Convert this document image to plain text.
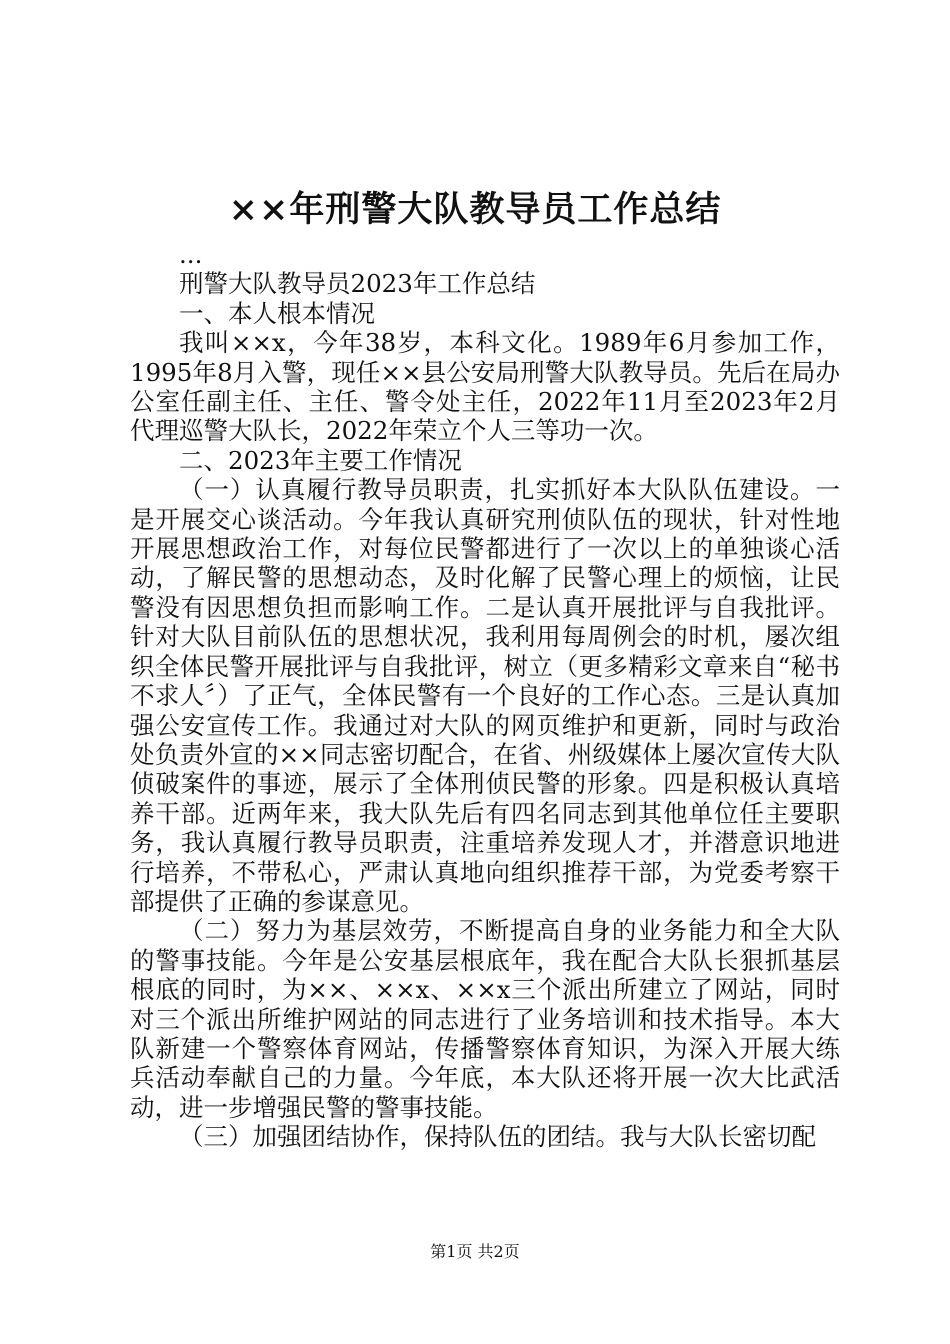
××年刑警大队教导员工作总结

...

刑警大队教导员2023年工作总结

一、本人根本情况

我叫××x，今年38岁，本科文化。1989年6月参加工作，1995年8月入警，现任××县公安局刑警大队教导员。先后在局办公室任副主任、主任、警令处主任，2022年11月至2023年2月代理巡警大队长，2022年荣立个人三等功一次。

二、2023年主要工作情况

（一）认真履行教导员职责，扎实抓好本大队队伍建设。一是开展交心谈活动。今年我认真研究刑侦队伍的现状，针对性地开展思想政治工作，对每位民警都进行了一次以上的单独谈心活动，了解民警的思想动态，及时化解了民警心理上的烦恼，让民警没有因思想负担而影响工作。二是认真开展批评与自我批评。针对大队目前队伍的思想状况，我利用每周例会的时机，屡次组织全体民警开展批评与自我批评，树立（更多精彩文章来自“秘书不求人〞）了正气，全体民警有一个良好的工作心态。三是认真加强公安宣传工作。我通过对大队的网页维护和更新，同时与政治处负责外宣的××同志密切配合，在省、州级媒体上屡次宣传大队侦破案件的事迹，展示了全体刑侦民警的形象。四是积极认真培养干部。近两年来，我大队先后有四名同志到其他单位任主要职务，我认真履行教导员职责，注重培养发现人才，并潜意识地进行培养，不带私心，严肃认真地向组织推荐干部，为党委考察干部提供了正确的参谋意见。

（二）努力为基层效劳，不断提高自身的业务能力和全大队的警事技能。今年是公安基层根底年，我在配合大队长狠抓基层根底的同时，为××、××x、××x三个派出所建立了网站，同时对三个派出所维护网站的同志进行了业务培训和技术指导。本大队新建一个警察体育网站，传播警察体育知识，为深入开展大练兵活动奉献自己的力量。今年底，本大队还将开展一次大比武活动，进一步增强民警的警事技能。

（三）加强团结协作，保持队伍的团结。我与大队长密切配

第1页 共2页
